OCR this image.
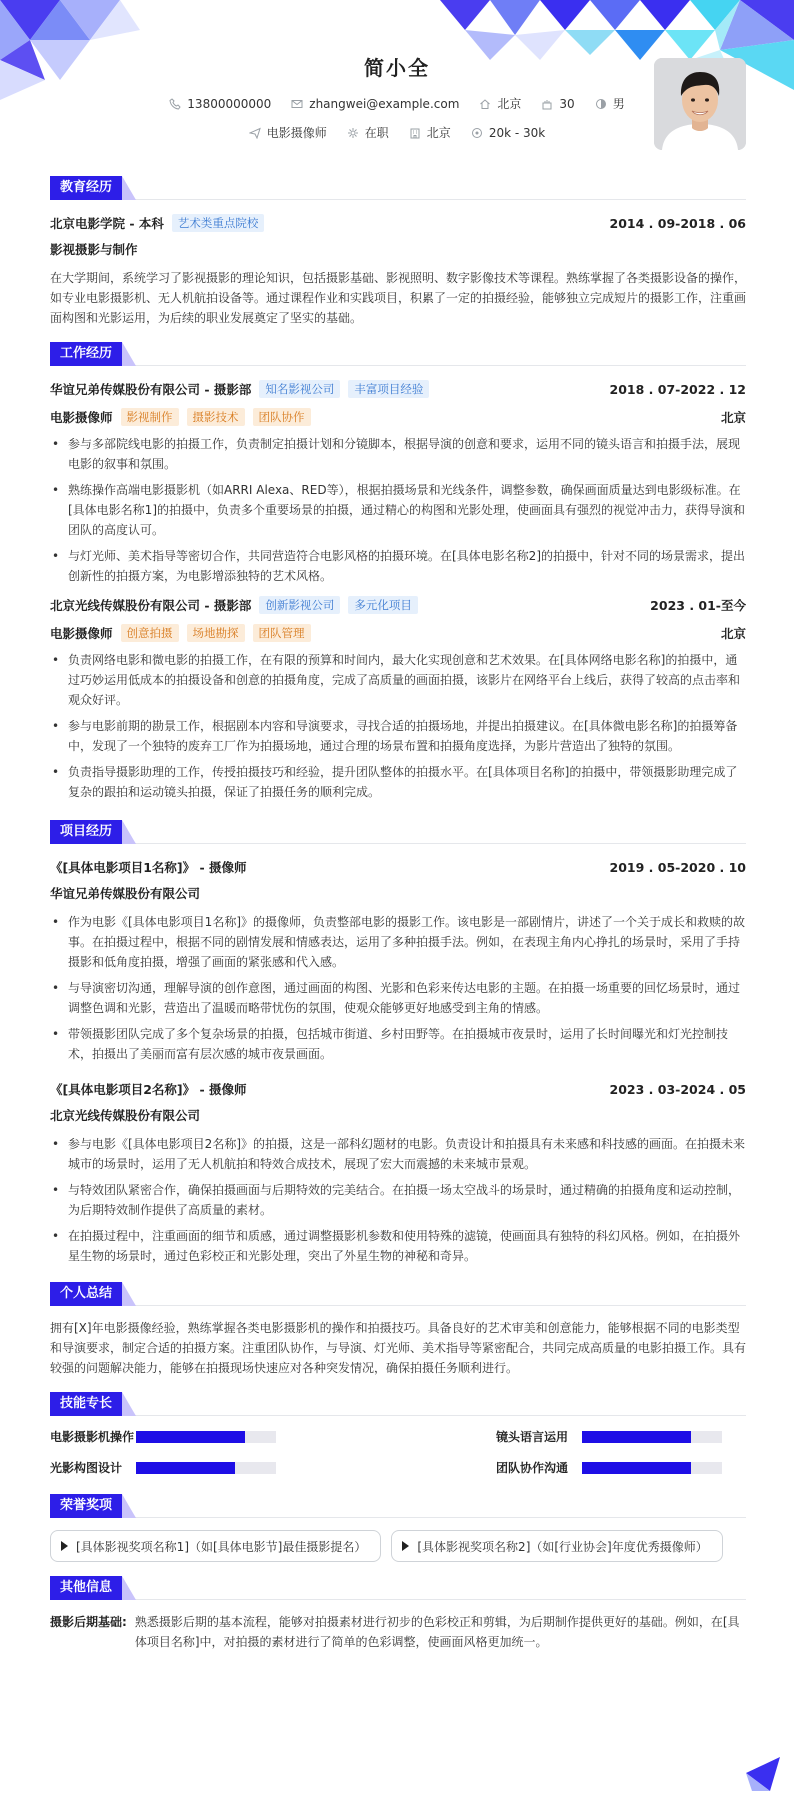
简小全
13800000000	zhangwei@example.com	北京	30	男
电影摄像师	在职	北京	20k - 30k
教育经历
北京电影学院 - 本科	艺术类重点院校	2014 . 09-2018 . 06
影视摄影与制作
在大学期间，系统学习了影视摄影的理论知识，包括摄影基础、影视照明、数字影像技术等课程。熟练掌握了各类摄影设备的操作，如专业电影摄影机、无人机航拍设备等。通过课程作业和实践项目，积累了一定的拍摄经验，能够独立完成短片的摄影工作，注重画面构图和光影运用，为后续的职业发展奠定了坚实的基础。
工作经历
华谊兄弟传媒股份有限公司 - 摄影部	知名影视公司	丰富项目经验	2018 . 07-2022 . 12
电影摄像师	影视制作	摄影技术	团队协作	北京
• 参与多部院线电影的拍摄工作，负责制定拍摄计划和分镜脚本，根据导演的创意和要求，运用不同的镜头语言和拍摄手法，展现电影的叙事和氛围。
• 熟练操作高端电影摄影机（如ARRI Alexa、RED等），根据拍摄场景和光线条件，调整参数，确保画面质量达到电影级标准。在[具体电影名称1]的拍摄中，负责多个重要场景的拍摄，通过精心的构图和光影处理，使画面具有强烈的视觉冲击力，获得导演和团队的高度认可。
• 与灯光师、美术指导等密切合作，共同营造符合电影风格的拍摄环境。在[具体电影名称2]的拍摄中，针对不同的场景需求，提出创新性的拍摄方案，为电影增添独特的艺术风格。
北京光线传媒股份有限公司 - 摄影部	创新影视公司	多元化项目	2023 . 01-至今
电影摄像师	创意拍摄	场地勘探	团队管理	北京
• 负责网络电影和微电影的拍摄工作，在有限的预算和时间内，最大化实现创意和艺术效果。在[具体网络电影名称]的拍摄中，通过巧妙运用低成本的拍摄设备和创意的拍摄角度，完成了高质量的画面拍摄，该影片在网络平台上线后，获得了较高的点击率和观众好评。
• 参与电影前期的勘景工作，根据剧本内容和导演要求，寻找合适的拍摄场地，并提出拍摄建议。在[具体微电影名称]的拍摄筹备中，发现了一个独特的废弃工厂作为拍摄场地，通过合理的场景布置和拍摄角度选择，为影片营造出了独特的氛围。
• 负责指导摄影助理的工作，传授拍摄技巧和经验，提升团队整体的拍摄水平。在[具体项目名称]的拍摄中，带领摄影助理完成了复杂的跟拍和运动镜头拍摄，保证了拍摄任务的顺利完成。
项目经历
《[具体电影项目1名称]》 - 摄像师	2019 . 05-2020 . 10
华谊兄弟传媒股份有限公司
• 作为电影《[具体电影项目1名称]》的摄像师，负责整部电影的摄影工作。该电影是一部剧情片，讲述了一个关于成长和救赎的故事。在拍摄过程中，根据不同的剧情发展和情感表达，运用了多种拍摄手法。例如，在表现主角内心挣扎的场景时，采用了手持摄影和低角度拍摄，增强了画面的紧张感和代入感。
• 与导演密切沟通，理解导演的创作意图，通过画面的构图、光影和色彩来传达电影的主题。在拍摄一场重要的回忆场景时，通过调整色调和光影，营造出了温暖而略带忧伤的氛围，使观众能够更好地感受到主角的情感。
• 带领摄影团队完成了多个复杂场景的拍摄，包括城市街道、乡村田野等。在拍摄城市夜景时，运用了长时间曝光和灯光控制技术，拍摄出了美丽而富有层次感的城市夜景画面。
《[具体电影项目2名称]》 - 摄像师	2023 . 03-2024 . 05
北京光线传媒股份有限公司
• 参与电影《[具体电影项目2名称]》的拍摄，这是一部科幻题材的电影。负责设计和拍摄具有未来感和科技感的画面。在拍摄未来城市的场景时，运用了无人机航拍和特效合成技术，展现了宏大而震撼的未来城市景观。
• 与特效团队紧密合作，确保拍摄画面与后期特效的完美结合。在拍摄一场太空战斗的场景时，通过精确的拍摄角度和运动控制，为后期特效制作提供了高质量的素材。
• 在拍摄过程中，注重画面的细节和质感，通过调整摄影机参数和使用特殊的滤镜，使画面具有独特的科幻风格。例如，在拍摄外星生物的场景时，通过色彩校正和光影处理，突出了外星生物的神秘和奇异。
个人总结
拥有[X]年电影摄像经验，熟练掌握各类电影摄影机的操作和拍摄技巧。具备良好的艺术审美和创意能力，能够根据不同的电影类型和导演要求，制定合适的拍摄方案。注重团队协作，与导演、灯光师、美术指导等紧密配合，共同完成高质量的电影拍摄工作。具有较强的问题解决能力，能够在拍摄现场快速应对各种突发情况，确保拍摄任务顺利进行。
技能专长
电影摄影机操作	镜头语言运用
光影构图设计	团队协作沟通
荣誉奖项
[具体影视奖项名称1]（如[具体电影节]最佳摄影提名）	[具体影视奖项名称2]（如[行业协会]年度优秀摄像师）
其他信息
摄影后期基础: 熟悉摄影后期的基本流程，能够对拍摄素材进行初步的色彩校正和剪辑，为后期制作提供更好的基础。例如，在[具体项目名称]中，对拍摄的素材进行了简单的色彩调整，使画面风格更加统一。
